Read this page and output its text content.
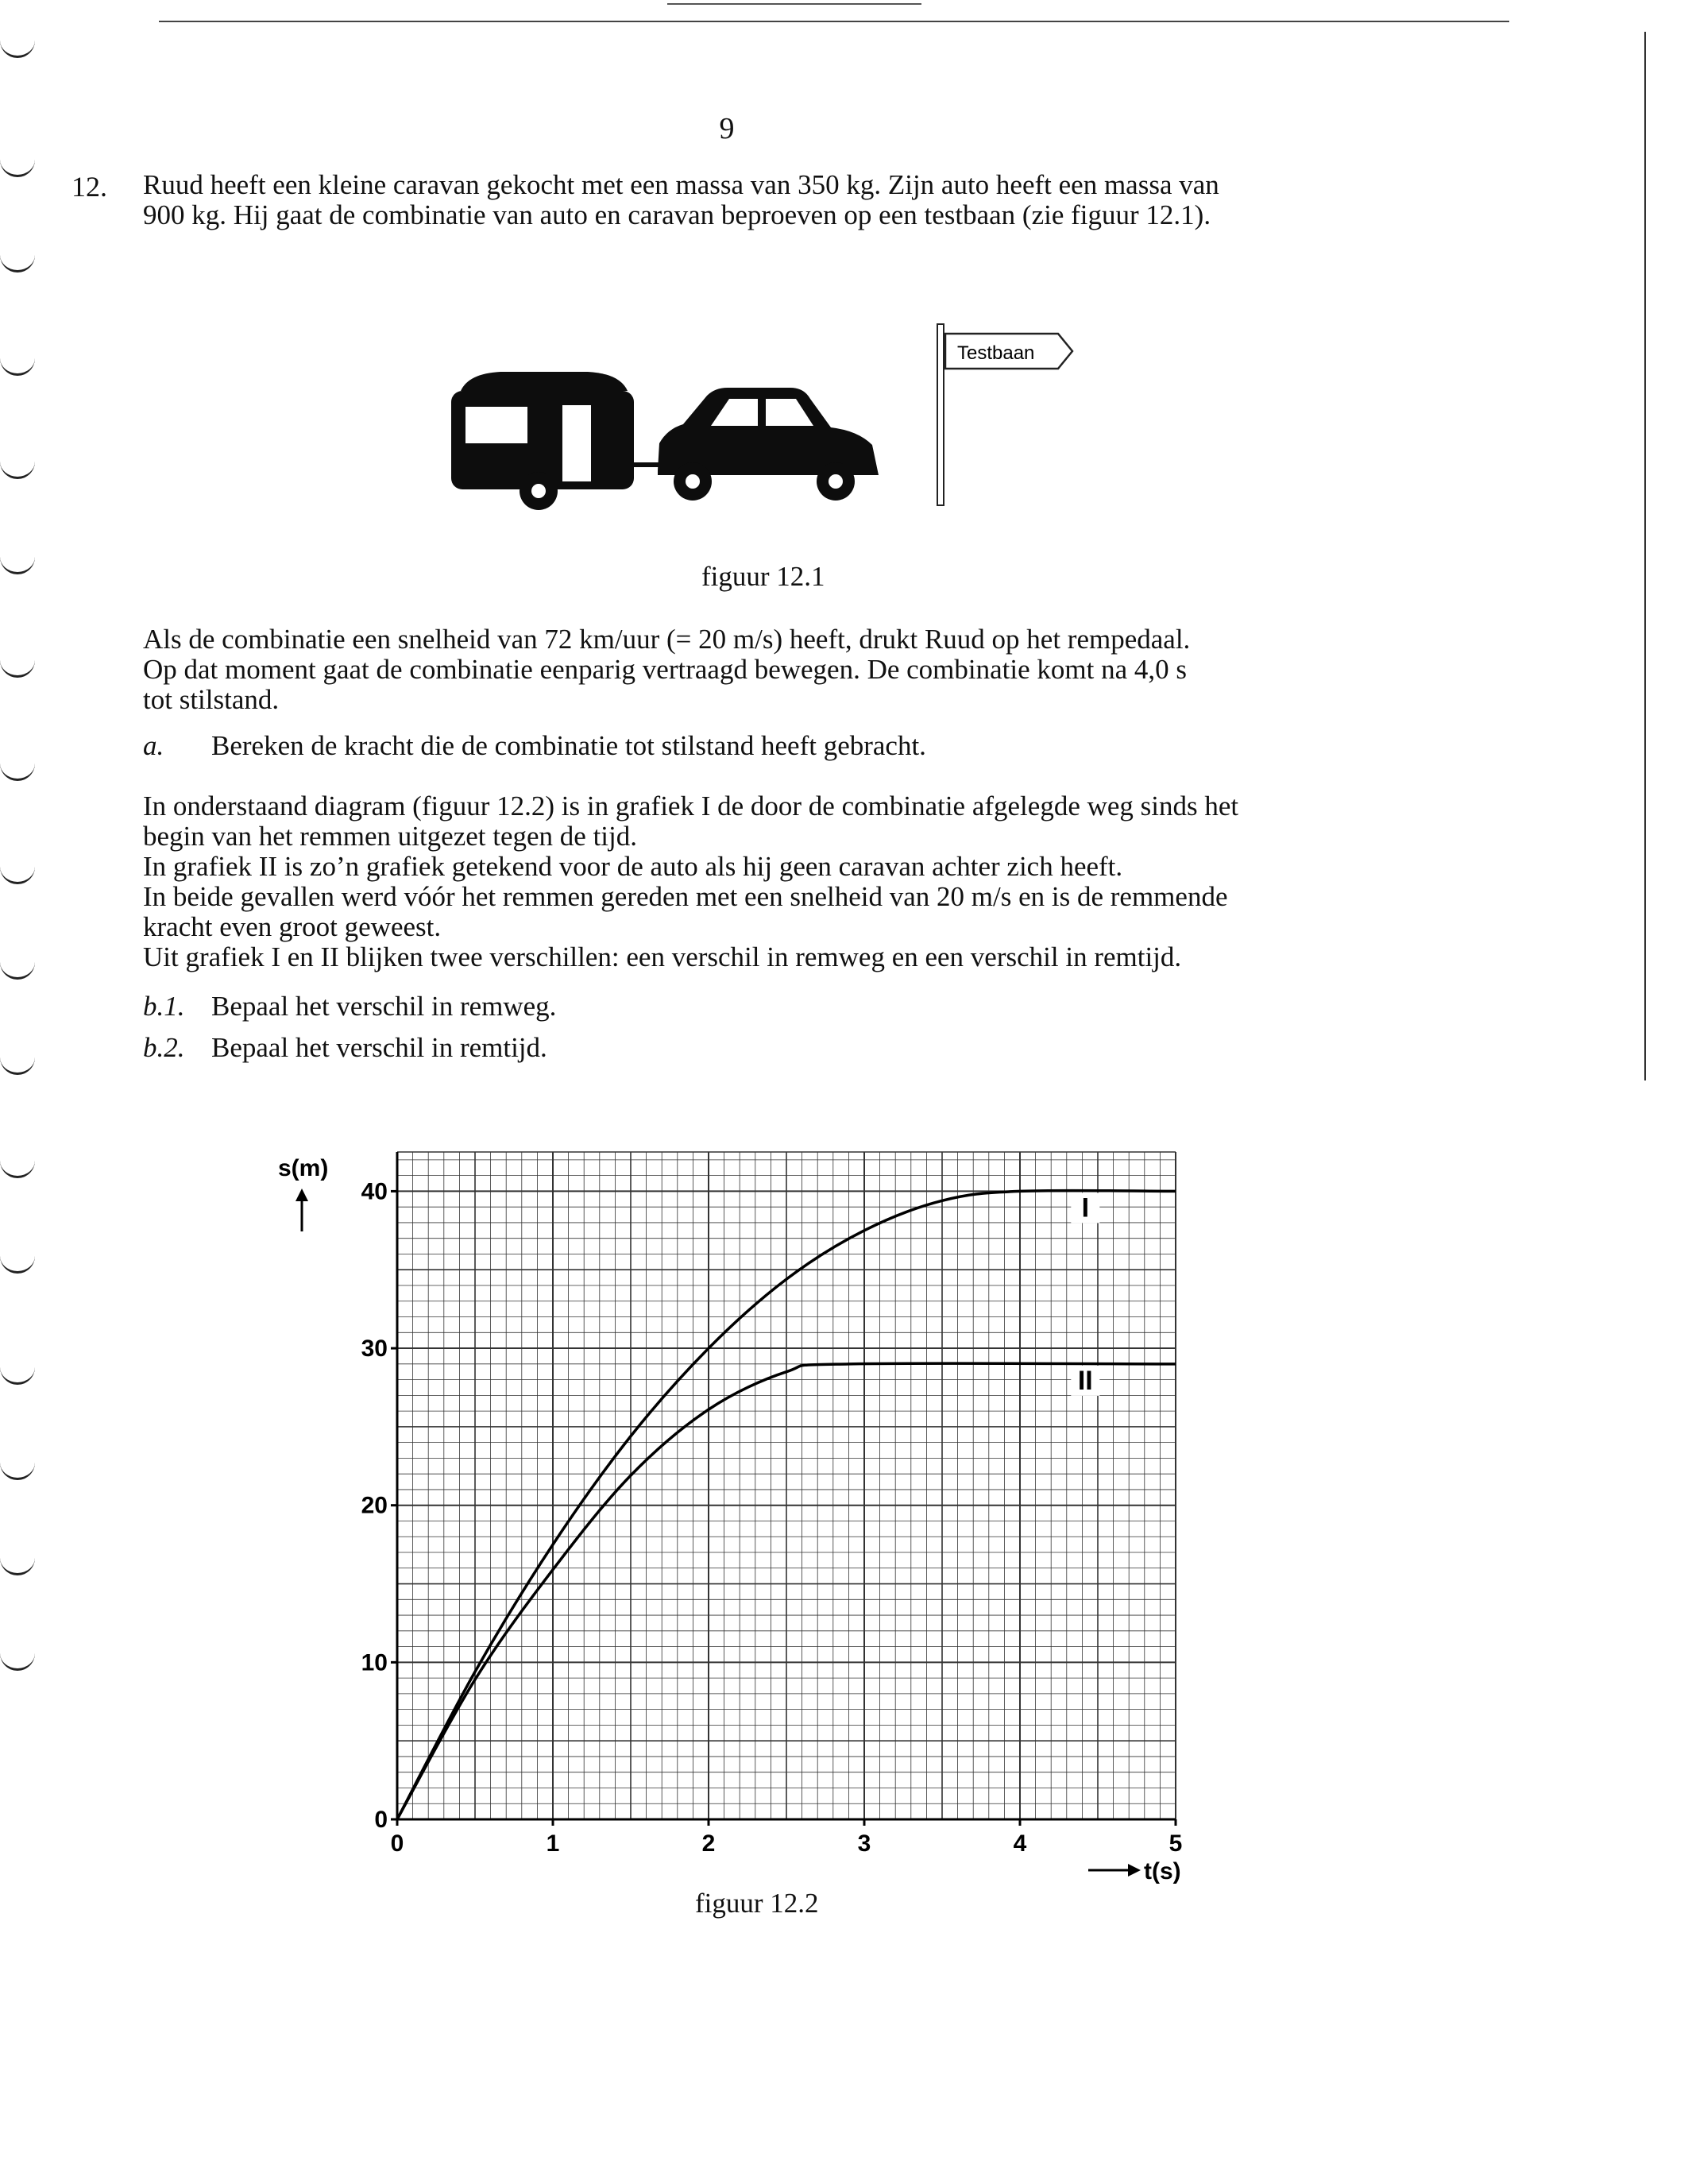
9
12. Ruud heeft een kleine caravan gekocht met een massa van 350 kg. Zijn auto heeft een massa van
900 kg. Hij gaat de combinatie van auto en caravan beproeven op een testbaan (zie figuur 12.1).

Testbaan
figuur 12.1

Als de combinatie een snelheid van 72 km/uur (= 20 m/s) heeft, drukt Ruud op het rempedaal.
Op dat moment gaat de combinatie eenparig vertraagd bewegen. De combinatie komt na 4,0 s
tot stilstand.

a. Bereken de kracht die de combinatie tot stilstand heeft gebracht.

In onderstaand diagram (figuur 12.2) is in grafiek I de door de combinatie afgelegde weg sinds het
begin van het remmen uitgezet tegen de tijd.
In grafiek II is zo’n grafiek getekend voor de auto als hij geen caravan achter zich heeft.
In beide gevallen werd vóór het remmen gereden met een snelheid van 20 m/s en is de remmende
kracht even groot geweest.
Uit grafiek I en II blijken twee verschillen: een verschil in remweg en een verschil in remtijd.

b.1. Bepaal het verschil in remweg.
b.2. Bepaal het verschil in remtijd.
0
10
20
30
40
0	1	2	3	4	5
I
II
s(m)
t(s)
figuur 12.2
